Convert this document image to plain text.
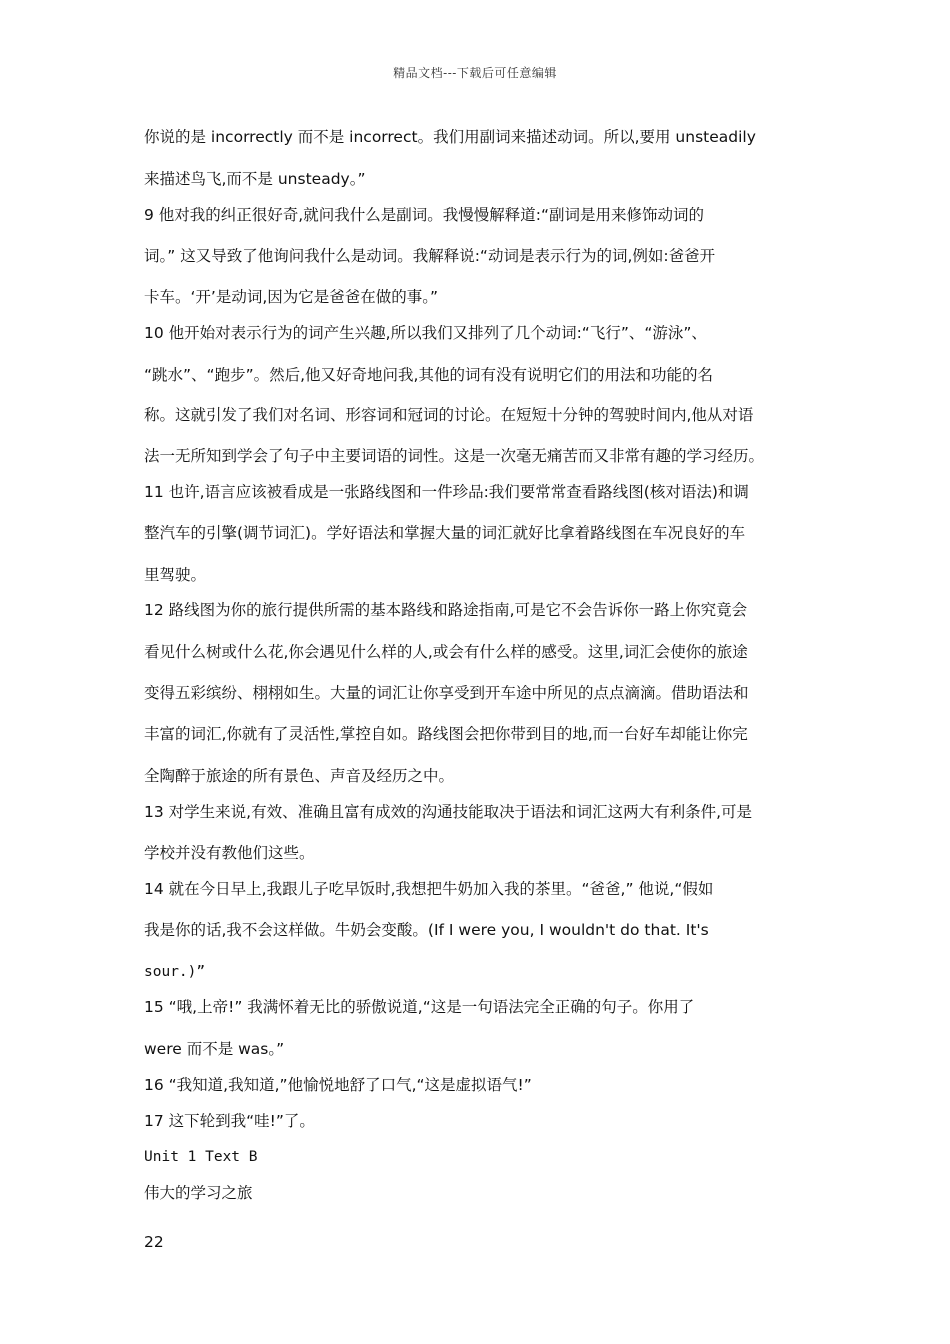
精品文档---下载后可任意编辑
你说的是 incorrectly 而不是 incorrect。我们用副词来描述动词。所以,要用 unsteadily
来描述鸟飞,而不是 unsteady。”
9 他对我的纠正很好奇,就问我什么是副词。我慢慢解释道:“副词是用来修饰动词的
词。” 这又导致了他询问我什么是动词。我解释说:“动词是表示行为的词,例如:爸爸开
卡车。‘开’是动词,因为它是爸爸在做的事。”
10 他开始对表示行为的词产生兴趣,所以我们又排列了几个动词:“飞行”、“游泳”、
“跳水”、“跑步”。然后,他又好奇地问我,其他的词有没有说明它们的用法和功能的名
称。这就引发了我们对名词、形容词和冠词的讨论。在短短十分钟的驾驶时间内,他从对语
法一无所知到学会了句子中主要词语的词性。这是一次毫无痛苦而又非常有趣的学习经历。
11 也许,语言应该被看成是一张路线图和一件珍品:我们要常常查看路线图(核对语法)和调
整汽车的引擎(调节词汇)。学好语法和掌握大量的词汇就好比拿着路线图在车况良好的车
里驾驶。
12 路线图为你的旅行提供所需的基本路线和路途指南,可是它不会告诉你一路上你究竟会
看见什么树或什么花,你会遇见什么样的人,或会有什么样的感受。这里,词汇会使你的旅途
变得五彩缤纷、栩栩如生。大量的词汇让你享受到开车途中所见的点点滴滴。借助语法和
丰富的词汇,你就有了灵活性,掌控自如。路线图会把你带到目的地,而一台好车却能让你完
全陶醉于旅途的所有景色、声音及经历之中。
13 对学生来说,有效、准确且富有成效的沟通技能取决于语法和词汇这两大有利条件,可是
学校并没有教他们这些。
14 就在今日早上,我跟儿子吃早饭时,我想把牛奶加入我的茶里。“爸爸,” 他说,“假如
我是你的话,我不会这样做。牛奶会变酸。(If I were you, I wouldn't do that. It's
sour.)”
15 “哦,上帝!” 我满怀着无比的骄傲说道,“这是一句语法完全正确的句子。你用了
were 而不是 was。”
16 “我知道,我知道,”他愉悦地舒了口气,“这是虚拟语气!”
17 这下轮到我“哇!”了。
Unit 1 Text B
伟大的学习之旅
22
